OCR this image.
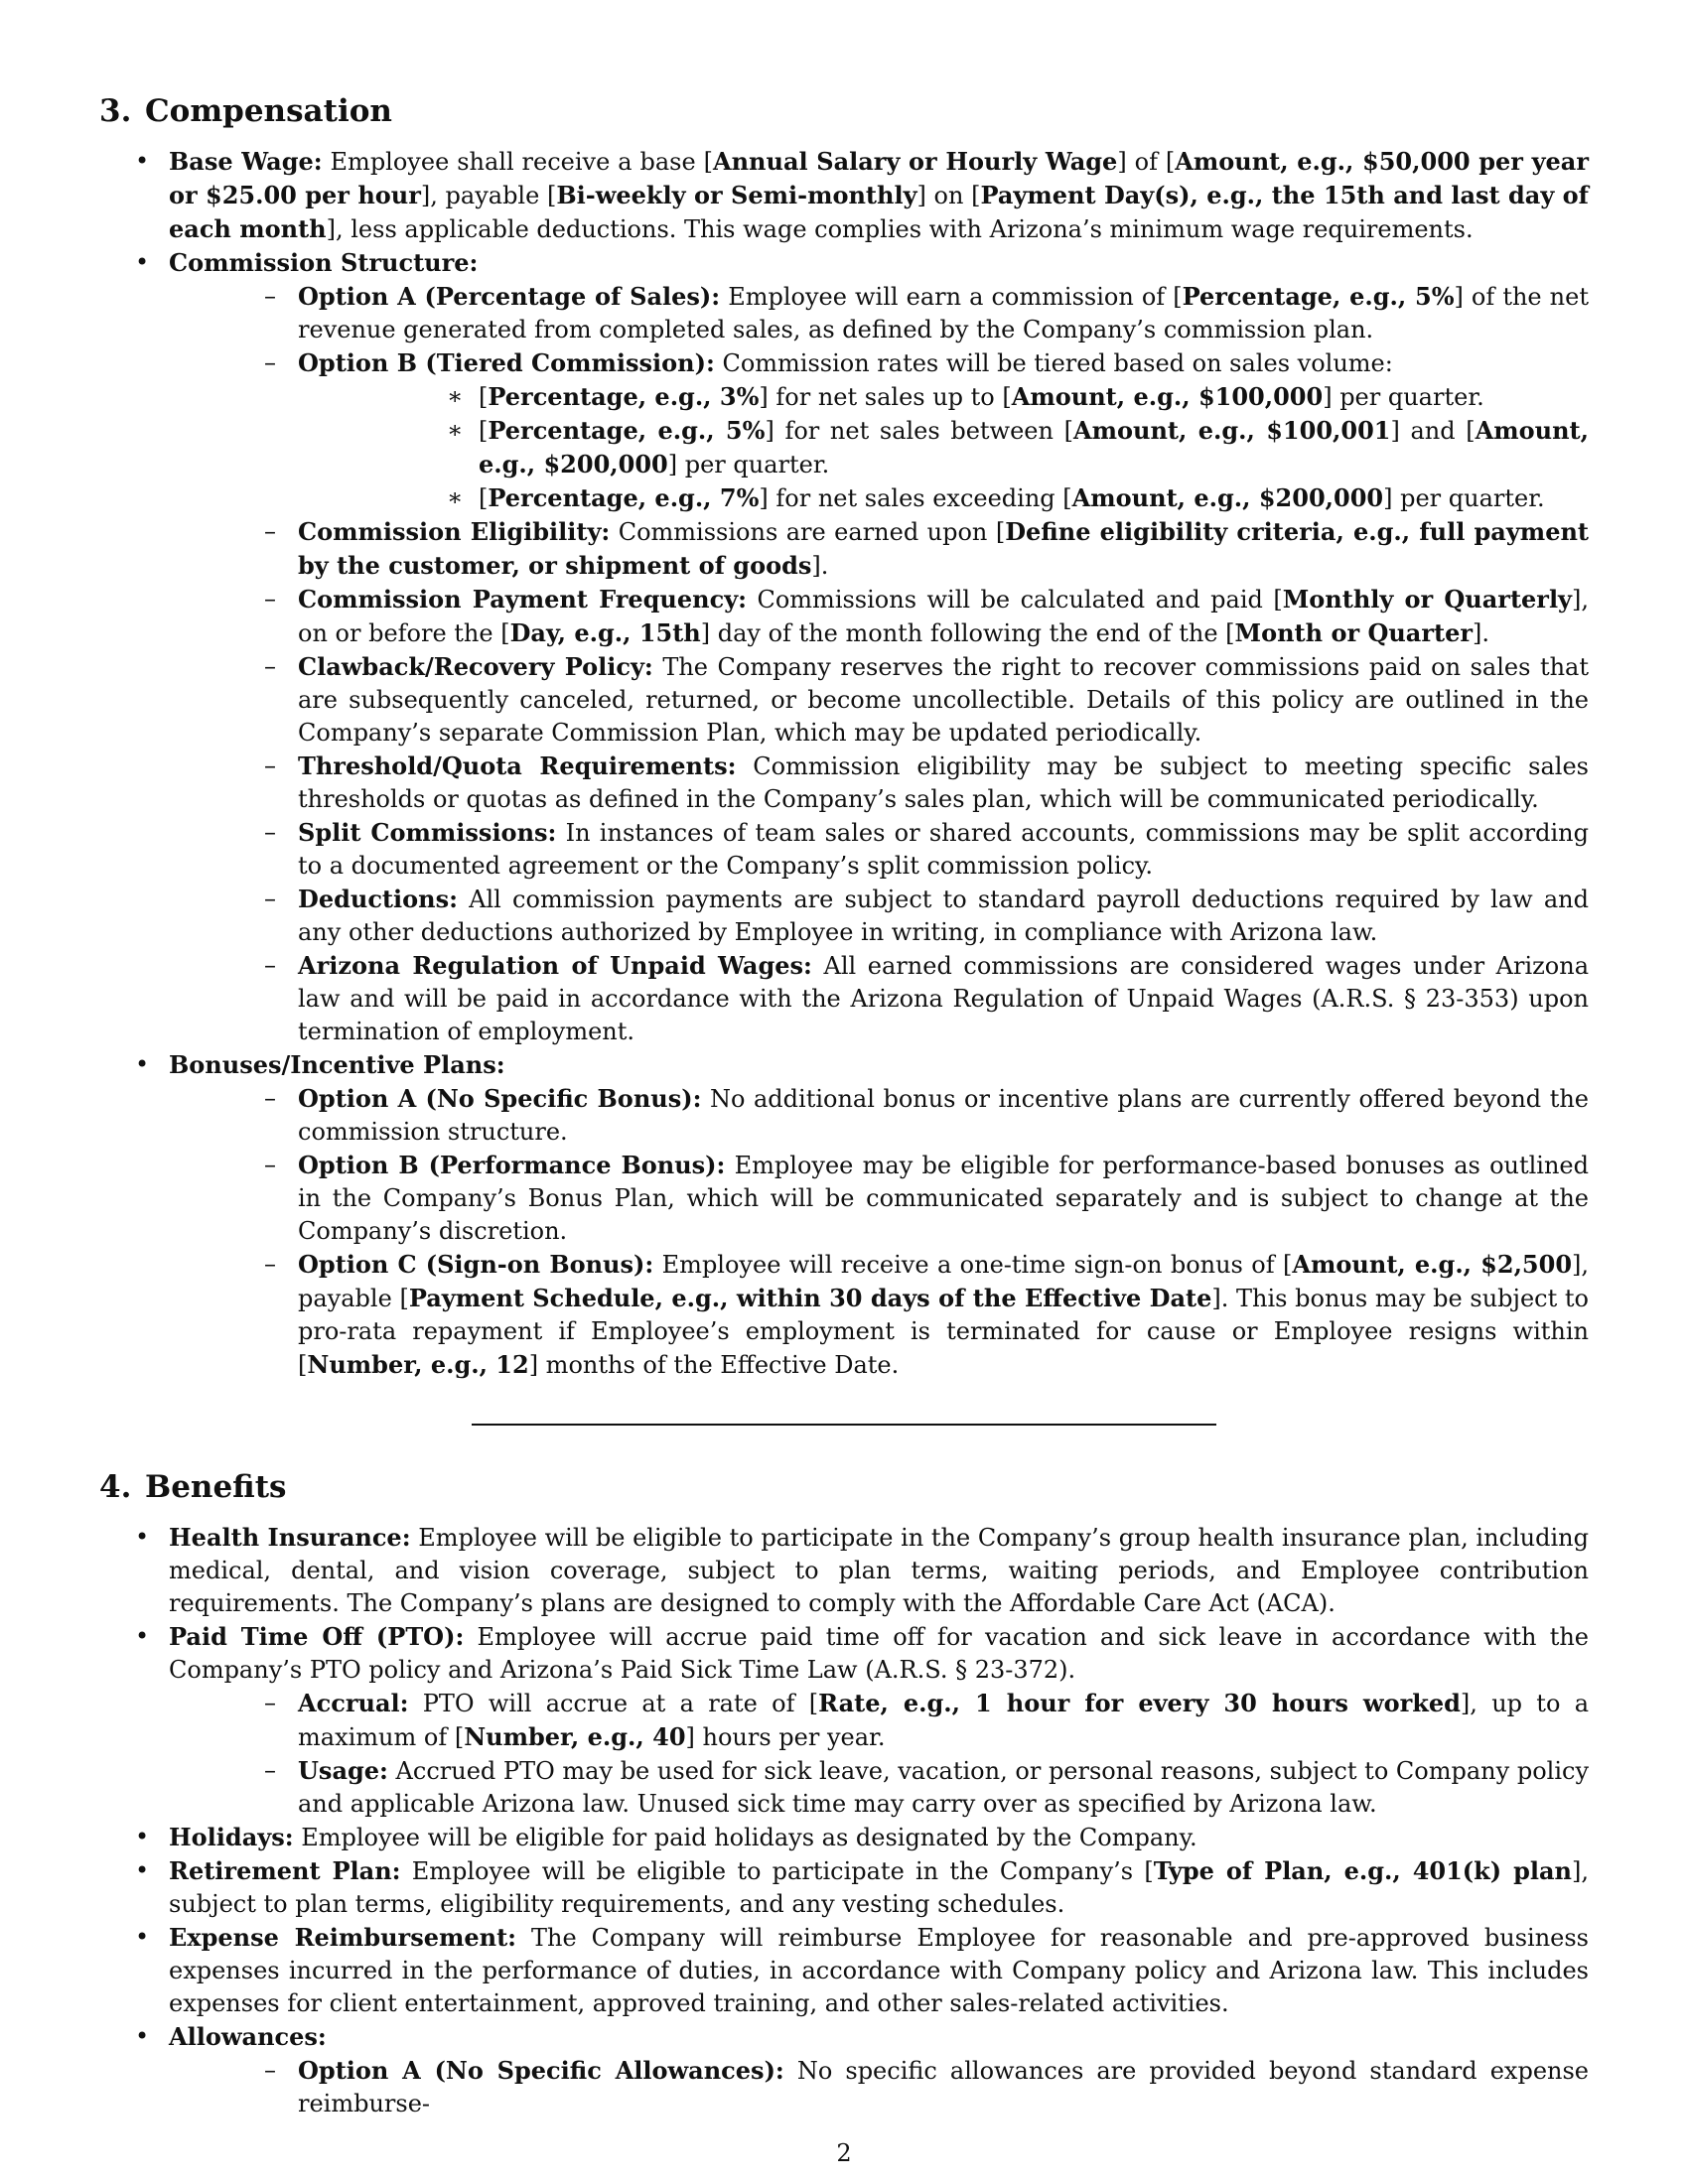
3. Compensation
• Base Wage: Employee shall receive a base [Annual Salary or Hourly Wage] of [Amount, e.g., $50,000 per year or $25.00 per hour], payable [Bi-weekly or Semi-monthly] on [Payment Day(s), e.g., the 15th and last day of each month], less applicable deductions. This wage complies with Arizona’s minimum wage requirements.
• Commission Structure:
– Option A (Percentage of Sales): Employee will earn a commission of [Percentage, e.g., 5%] of the net revenue generated from completed sales, as defined by the Company’s commission plan.
– Option B (Tiered Commission): Commission rates will be tiered based on sales volume:
∗ [Percentage, e.g., 3%] for net sales up to [Amount, e.g., $100,000] per quarter.
∗ [Percentage, e.g., 5%] for net sales between [Amount, e.g., $100,001] and [Amount, e.g., $200,000] per quarter.
∗ [Percentage, e.g., 7%] for net sales exceeding [Amount, e.g., $200,000] per quarter.
– Commission Eligibility: Commissions are earned upon [Define eligibility criteria, e.g., full payment by the customer, or shipment of goods].
– Commission Payment Frequency: Commissions will be calculated and paid [Monthly or Quarterly], on or before the [Day, e.g., 15th] day of the month following the end of the [Month or Quarter].
– Clawback/Recovery Policy: The Company reserves the right to recover commissions paid on sales that are subsequently canceled, returned, or become uncollectible. Details of this policy are outlined in the Company’s separate Commission Plan, which may be updated periodically.
– Threshold/Quota Requirements: Commission eligibility may be subject to meeting specific sales thresholds or quotas as defined in the Company’s sales plan, which will be communicated periodically.
– Split Commissions: In instances of team sales or shared accounts, commissions may be split according to a documented agreement or the Company’s split commission policy.
– Deductions: All commission payments are subject to standard payroll deductions required by law and any other deductions authorized by Employee in writing, in compliance with Arizona law.
– Arizona Regulation of Unpaid Wages: All earned commissions are considered wages under Arizona law and will be paid in accordance with the Arizona Regulation of Unpaid Wages (A.R.S. § 23-353) upon termination of employment.
• Bonuses/Incentive Plans:
– Option A (No Specific Bonus): No additional bonus or incentive plans are currently offered beyond the commission structure.
– Option B (Performance Bonus): Employee may be eligible for performance-based bonuses as outlined in the Company’s Bonus Plan, which will be communicated separately and is subject to change at the Company’s discretion.
– Option C (Sign-on Bonus): Employee will receive a one-time sign-on bonus of [Amount, e.g., $2,500], payable [Payment Schedule, e.g., within 30 days of the Effective Date]. This bonus may be subject to pro-rata repayment if Employee’s employment is terminated for cause or Employee resigns within [Number, e.g., 12] months of the Effective Date.
4. Benefits
• Health Insurance: Employee will be eligible to participate in the Company’s group health insurance plan, including medical, dental, and vision coverage, subject to plan terms, waiting periods, and Employee contribution requirements. The Company’s plans are designed to comply with the Affordable Care Act (ACA).
• Paid Time Off (PTO): Employee will accrue paid time off for vacation and sick leave in accordance with the Company’s PTO policy and Arizona’s Paid Sick Time Law (A.R.S. § 23-372).
– Accrual: PTO will accrue at a rate of [Rate, e.g., 1 hour for every 30 hours worked], up to a maximum of [Number, e.g., 40] hours per year.
– Usage: Accrued PTO may be used for sick leave, vacation, or personal reasons, subject to Company policy and applicable Arizona law. Unused sick time may carry over as specified by Arizona law.
• Holidays: Employee will be eligible for paid holidays as designated by the Company.
• Retirement Plan: Employee will be eligible to participate in the Company’s [Type of Plan, e.g., 401(k) plan], subject to plan terms, eligibility requirements, and any vesting schedules.
• Expense Reimbursement: The Company will reimburse Employee for reasonable and pre-approved business expenses incurred in the performance of duties, in accordance with Company policy and Arizona law. This includes expenses for client entertainment, approved training, and other sales-related activities.
• Allowances:
– Option A (No Specific Allowances): No specific allowances are provided beyond standard expense reimburse-
2
